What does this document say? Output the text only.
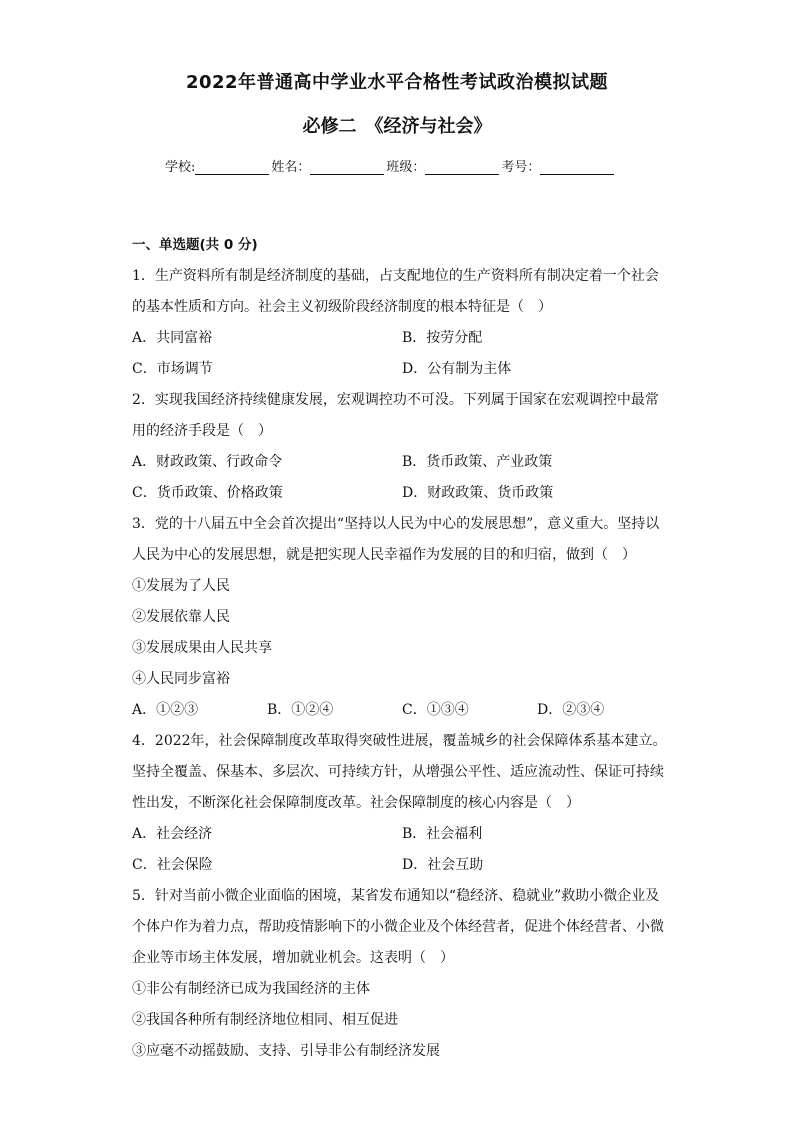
2022年普通高中学业水平合格性考试政治模拟试题
必修二　《经济与社会》
学校:	姓名：	班级：	考号：
一、单选题(共 0 分)
1．生产资料所有制是经济制度的基础，占支配地位的生产资料所有制决定着一个社会
的基本性质和方向。社会主义初级阶段经济制度的根本特征是（　）
A．共同富裕	B．按劳分配
C．市场调节	D．公有制为主体
2．实现我国经济持续健康发展，宏观调控功不可没。下列属于国家在宏观调控中最常
用的经济手段是（　）
A．财政政策、行政命令	B．货币政策、产业政策
C．货币政策、价格政策	D．财政政策、货币政策
3．党的十八届五中全会首次提出“坚持以人民为中心的发展思想”，意义重大。坚持以
人民为中心的发展思想，就是把实现人民幸福作为发展的目的和归宿，做到（　）
①发展为了人民
②发展依靠人民
③发展成果由人民共享
④人民同步富裕
A．①②③	B．①②④	C．①③④	D．②③④
4．2022年，社会保障制度改革取得突破性进展，覆盖城乡的社会保障体系基本建立。
坚持全覆盖、保基本、多层次、可持续方针，从增强公平性、适应流动性、保证可持续
性出发，不断深化社会保障制度改革。社会保障制度的核心内容是（　）
A．社会经济	B．社会福利
C．社会保险	D．社会互助
5．针对当前小微企业面临的困境，某省发布通知以“稳经济、稳就业”救助小微企业及
个体户作为着力点，帮助疫情影响下的小微企业及个体经营者，促进个体经营者、小微
企业等市场主体发展，增加就业机会。这表明（　）
①非公有制经济已成为我国经济的主体
②我国各种所有制经济地位相同、相互促进
③应毫不动摇鼓励、支持、引导非公有制经济发展
